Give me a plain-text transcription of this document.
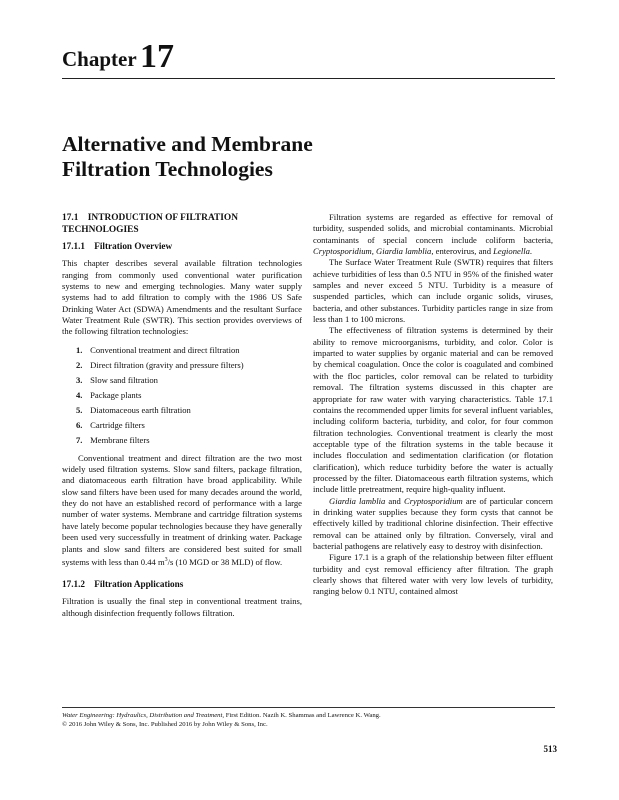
Chapter 17
Alternative and Membrane
Filtration Technologies
17.1 INTRODUCTION OF FILTRATION TECHNOLOGIES
17.1.1 Filtration Overview

This chapter describes several available filtration technologies ranging from commonly used conventional water purification systems to new and emerging technologies. Many water supply systems had to add filtration to comply with the 1986 US Safe Drinking Water Act (SDWA) Amendments and the resultant Surface Water Treatment Rule (SWTR). This section provides overviews of the following filtration technologies:

1. Conventional treatment and direct filtration
2. Direct filtration (gravity and pressure filters)
3. Slow sand filtration
4. Package plants
5. Diatomaceous earth filtration
6. Cartridge filters
7. Membrane filters

Conventional treatment and direct filtration are the two most widely used filtration systems. Slow sand filters, package filtration, and diatomaceous earth filtration have broad applicability. While slow sand filters have been used for many decades around the world, they do not have an established record of performance with a large number of water systems. Membrane and cartridge filtration systems have lately become popular technologies because they have generally been used very successfully in treatment of drinking water. Package plants and slow sand filters are considered best suited for small systems with less than 0.44 $m^3/s$ (10 MGD or 38 MLD) of flow.

17.1.2 Filtration Applications

Filtration is usually the final step in conventional treatment trains, although disinfection frequently follows filtration.

Filtration systems are regarded as effective for removal of turbidity, suspended solids, and microbial contaminants. Microbial contaminants of special concern include coliform bacteria, Cryptosporidium, Giardia lamblia, enterovirus, and Legionella.

The Surface Water Treatment Rule (SWTR) requires that filters achieve turbidities of less than 0.5 NTU in 95% of the finished water samples and never exceed 5 NTU. Turbidity is a measure of suspended particles, which can include organic solids, viruses, bacteria, and other substances. Turbidity particles range in size from less than 1 to 100 microns.

The effectiveness of filtration systems is determined by their ability to remove microorganisms, turbidity, and color. Color is imparted to water supplies by organic material and can be removed by chemical coagulation. Once the color is coagulated and combined with the floc particles, color removal can be related to turbidity removal. The filtration systems discussed in this chapter are appropriate for raw water with varying characteristics. Table 17.1 contains the recommended upper limits for several influent variables, including coliform bacteria, turbidity, and color, for four common filtration technologies. Conventional treatment is clearly the most acceptable type of the filtration systems in the table because it includes flocculation and sedimentation clarification (or flotation clarification), which reduce turbidity before the water is actually processed by the filter. Diatomaceous earth filtration systems, which include little pretreatment, require high-quality influent.

Giardia lamblia and Cryptosporidium are of particular concern in drinking water supplies because they form cysts that cannot be effectively killed by traditional chlorine disinfection. Their effective removal can be attained only by filtration. Conversely, viral and bacterial pathogens are relatively easy to destroy with disinfection.

Figure 17.1 is a graph of the relationship between filter effluent turbidity and cyst removal efficiency after filtration. The graph clearly shows that filtered water with very low levels of turbidity, ranging below 0.1 NTU, contained almost

Water Engineering: Hydraulics, Distribution and Treatment, First Edition. Nazih K. Shammas and Lawrence K. Wang.
© 2016 John Wiley & Sons, Inc. Published 2016 by John Wiley & Sons, Inc.
513
